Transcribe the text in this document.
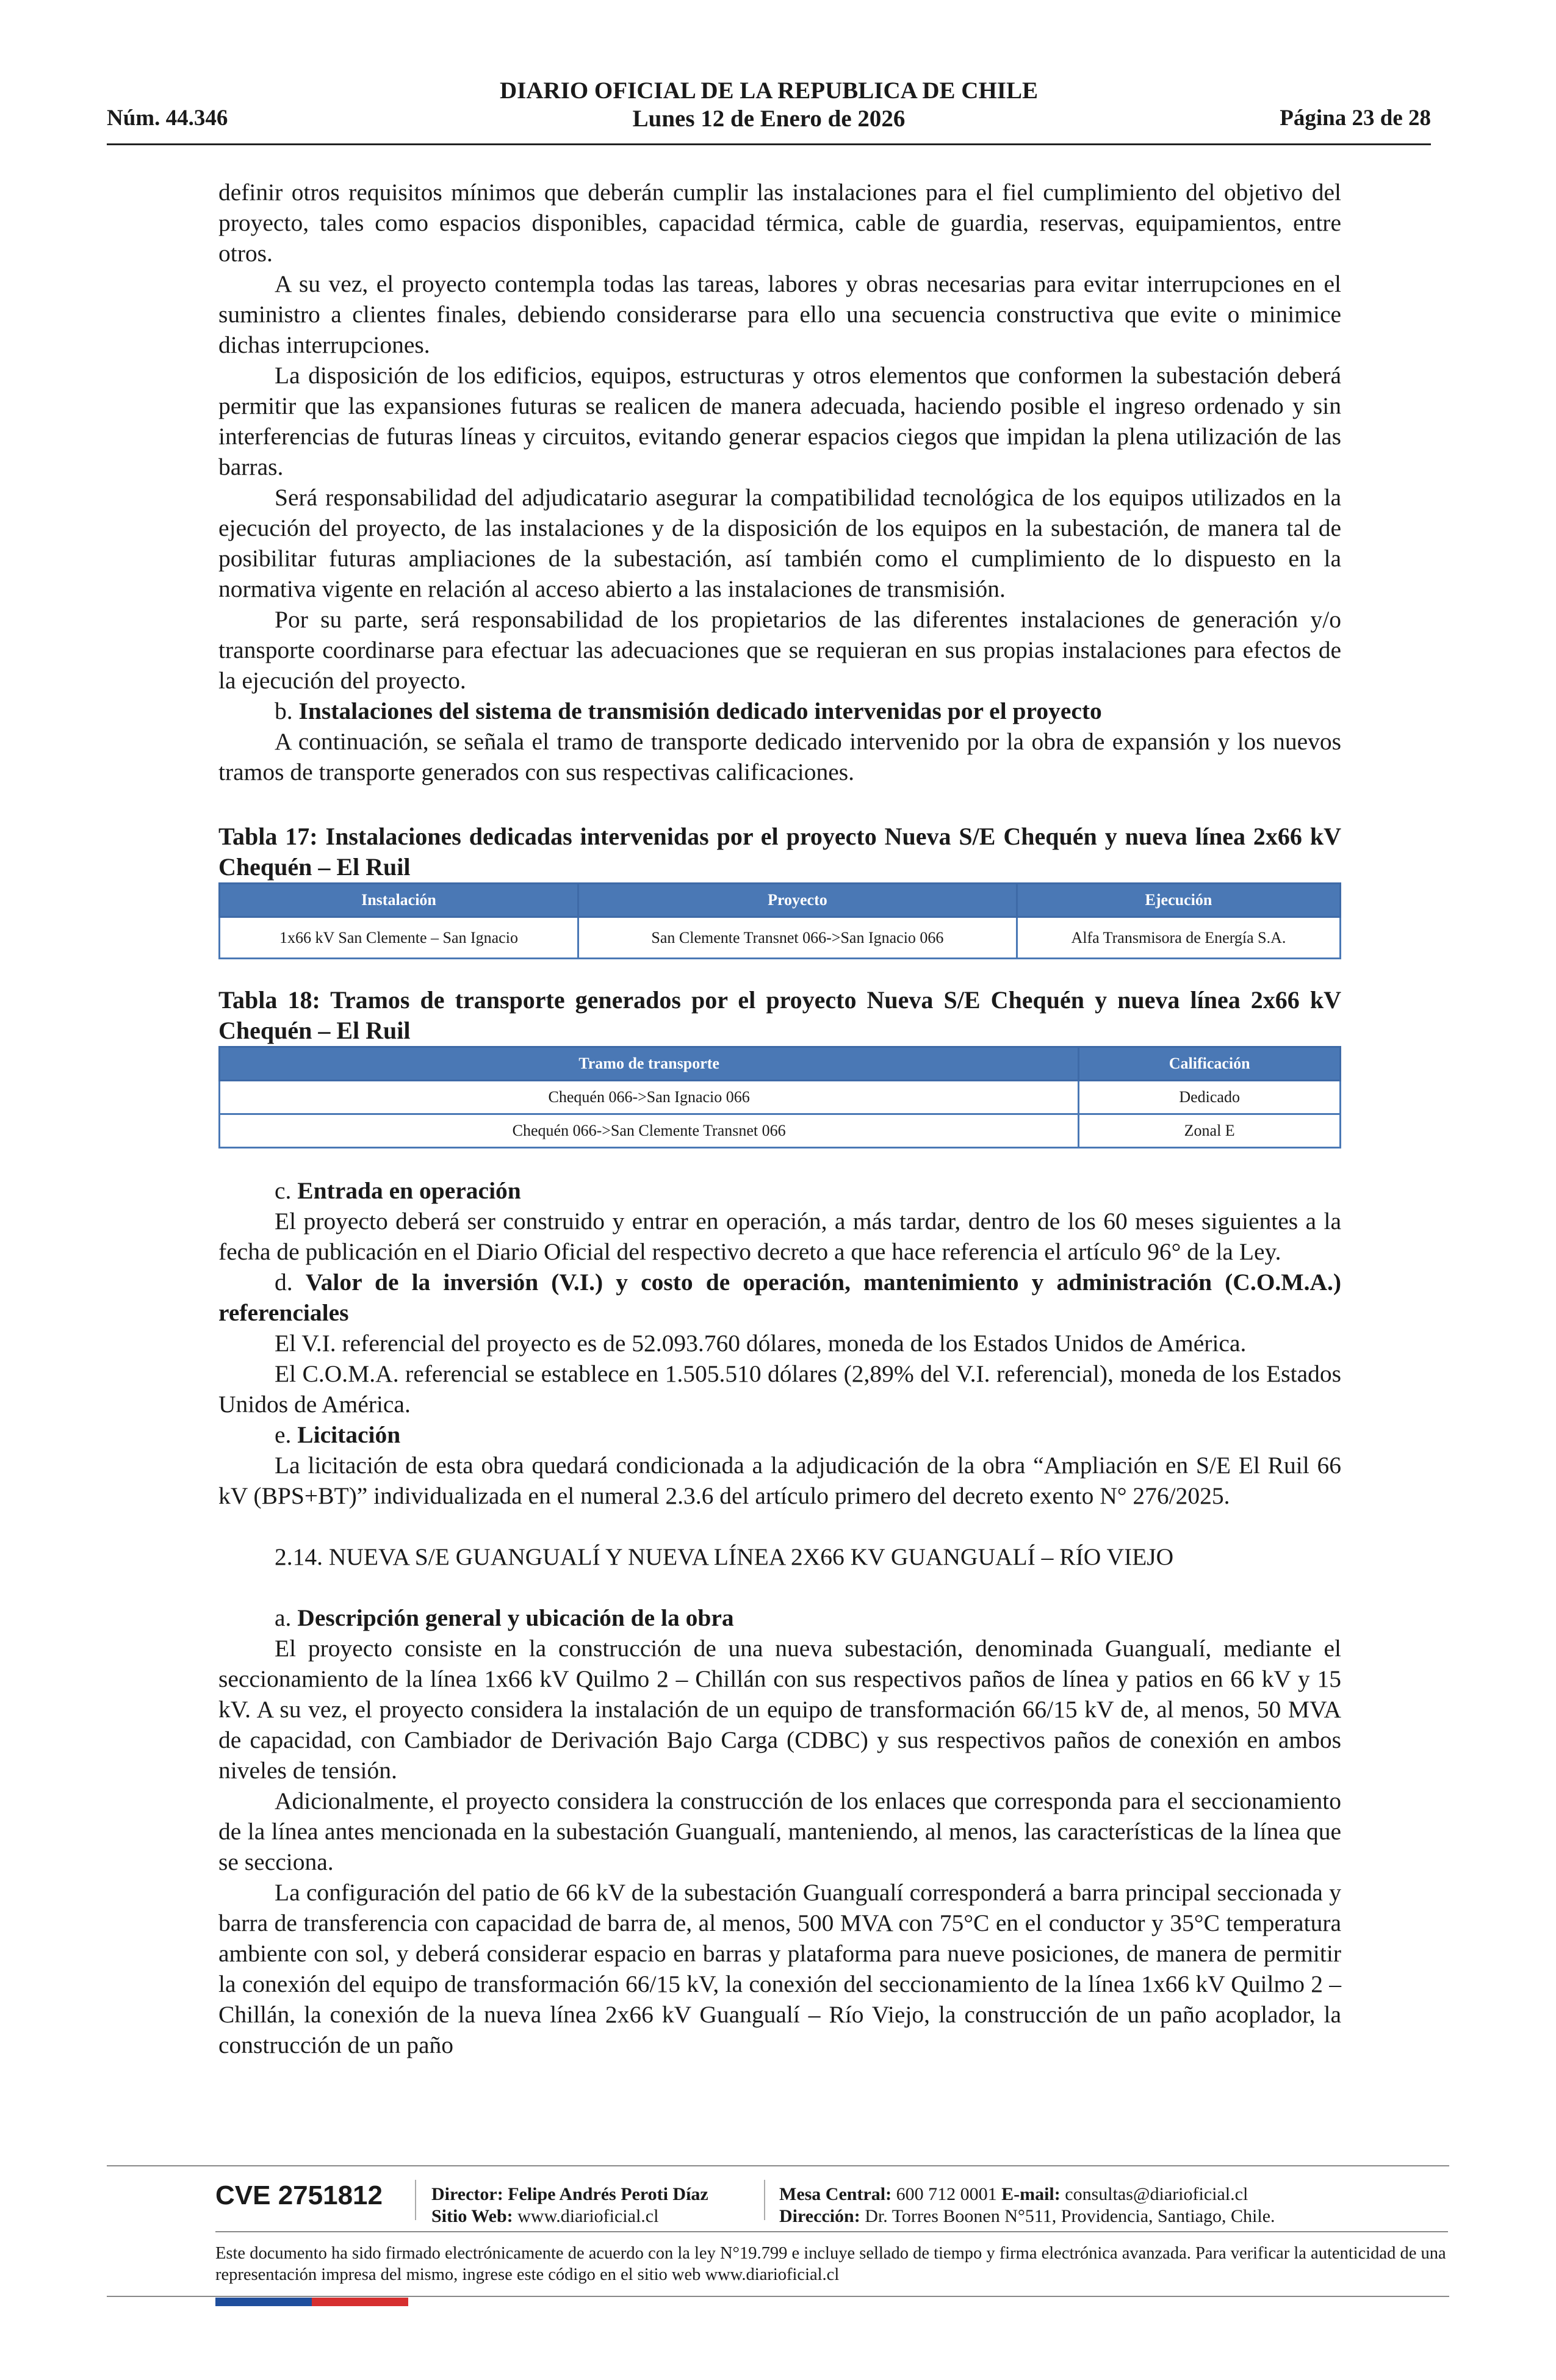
Núm. 44.346
DIARIO OFICIAL DE LA REPUBLICA DE CHILE
Lunes 12 de Enero de 2026	Página 23 de 28

definir otros requisitos mínimos que deberán cumplir las instalaciones para el fiel cumplimiento del objetivo del proyecto, tales como espacios disponibles, capacidad térmica, cable de guardia, reservas, equipamientos, entre otros.

A su vez, el proyecto contempla todas las tareas, labores y obras necesarias para evitar interrupciones en el suministro a clientes finales, debiendo considerarse para ello una secuencia constructiva que evite o minimice dichas interrupciones.

La disposición de los edificios, equipos, estructuras y otros elementos que conformen la subestación deberá permitir que las expansiones futuras se realicen de manera adecuada, haciendo posible el ingreso ordenado y sin interferencias de futuras líneas y circuitos, evitando generar espacios ciegos que impidan la plena utilización de las barras.

Será responsabilidad del adjudicatario asegurar la compatibilidad tecnológica de los equipos utilizados en la ejecución del proyecto, de las instalaciones y de la disposición de los equipos en la subestación, de manera tal de posibilitar futuras ampliaciones de la subestación, así también como el cumplimiento de lo dispuesto en la normativa vigente en relación al acceso abierto a las instalaciones de transmisión.

Por su parte, será responsabilidad de los propietarios de las diferentes instalaciones de generación y/o transporte coordinarse para efectuar las adecuaciones que se requieran en sus propias instalaciones para efectos de la ejecución del proyecto.

b. Instalaciones del sistema de transmisión dedicado intervenidas por el proyecto

A continuación, se señala el tramo de transporte dedicado intervenido por la obra de expansión y los nuevos tramos de transporte generados con sus respectivas calificaciones.

Tabla 17: Instalaciones dedicadas intervenidas por el proyecto Nueva S/E Chequén y nueva línea 2x66 kV Chequén – El Ruil

Instalación	Proyecto	Ejecución
1x66 kV San Clemente – San Ignacio	San Clemente Transnet 066->San Ignacio 066	Alfa Transmisora de Energía S.A.

Tabla 18: Tramos de transporte generados por el proyecto Nueva S/E Chequén y nueva línea 2x66 kV Chequén – El Ruil

Tramo de transporte	Calificación
Chequén 066->San Ignacio 066	Dedicado
Chequén 066->San Clemente Transnet 066	Zonal E

c. Entrada en operación

El proyecto deberá ser construido y entrar en operación, a más tardar, dentro de los 60 meses siguientes a la fecha de publicación en el Diario Oficial del respectivo decreto a que hace referencia el artículo 96° de la Ley.

d. Valor de la inversión (V.I.) y costo de operación, mantenimiento y administración (C.O.M.A.) referenciales

El V.I. referencial del proyecto es de 52.093.760 dólares, moneda de los Estados Unidos de América.

El C.O.M.A. referencial se establece en 1.505.510 dólares (2,89% del V.I. referencial), moneda de los Estados Unidos de América.

e. Licitación

La licitación de esta obra quedará condicionada a la adjudicación de la obra “Ampliación en S/E El Ruil 66 kV (BPS+BT)” individualizada en el numeral 2.3.6 del artículo primero del decreto exento N° 276/2025.

2.14. NUEVA S/E GUANGUALÍ Y NUEVA LÍNEA 2X66 KV GUANGUALÍ – RÍO VIEJO

a. Descripción general y ubicación de la obra

El proyecto consiste en la construcción de una nueva subestación, denominada Guangualí, mediante el seccionamiento de la línea 1x66 kV Quilmo 2 – Chillán con sus respectivos paños de línea y patios en 66 kV y 15 kV. A su vez, el proyecto considera la instalación de un equipo de transformación 66/15 kV de, al menos, 50 MVA de capacidad, con Cambiador de Derivación Bajo Carga (CDBC) y sus respectivos paños de conexión en ambos niveles de tensión.

Adicionalmente, el proyecto considera la construcción de los enlaces que corresponda para el seccionamiento de la línea antes mencionada en la subestación Guangualí, manteniendo, al menos, las características de la línea que se secciona.

La configuración del patio de 66 kV de la subestación Guangualí corresponderá a barra principal seccionada y barra de transferencia con capacidad de barra de, al menos, 500 MVA con 75°C en el conductor y 35°C temperatura ambiente con sol, y deberá considerar espacio en barras y plataforma para nueve posiciones, de manera de permitir la conexión del equipo de transformación 66/15 kV, la conexión del seccionamiento de la línea 1x66 kV Quilmo 2 – Chillán, la conexión de la nueva línea 2x66 kV Guangualí – Río Viejo, la construcción de un paño acoplador, la construcción de un paño

CVE 2751812	Director: Felipe Andrés Peroti Díaz
Sitio Web: www.diarioficial.cl
Mesa Central: 600 712 0001 E-mail: consultas@diarioficial.cl
Dirección: Dr. Torres Boonen N°511, Providencia, Santiago, Chile.
Este documento ha sido firmado electrónicamente de acuerdo con la ley N°19.799 e incluye sellado de tiempo y firma electrónica avanzada. Para verificar la autenticidad de una representación impresa del mismo, ingrese este código en el sitio web www.diarioficial.cl
